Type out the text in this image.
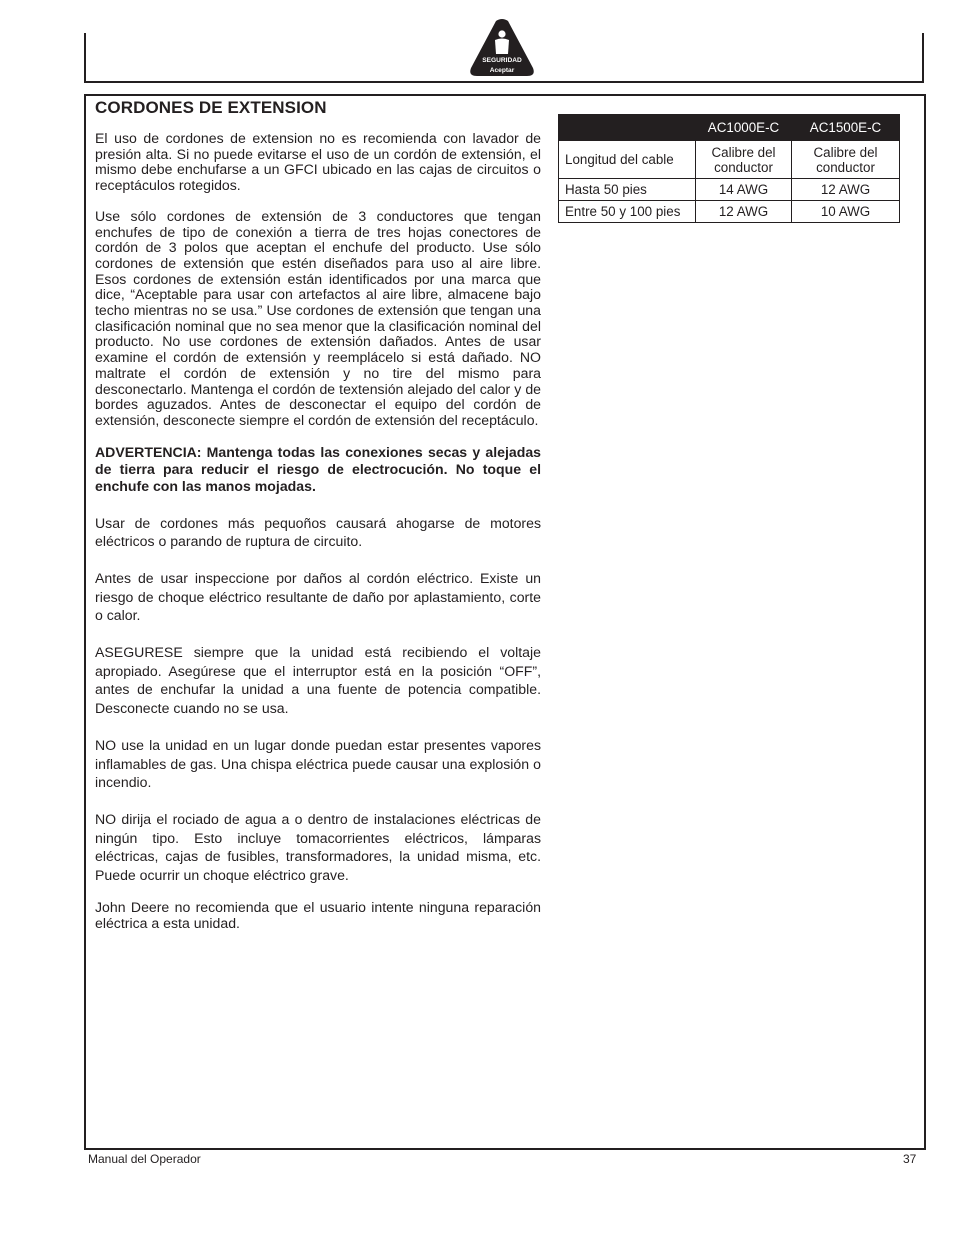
SEGURIDAD
Aceptar
CORDONES DE EXTENSION

El uso de cordones de extension no es recomienda con lavador de presión alta. Si no puede evitarse el uso de un cordón de extensión, el mismo debe enchufarse a un GFCI ubicado en las cajas de circuitos o receptáculos rotegidos.

Use sólo cordones de extensión de 3 conductores que tengan enchufes de tipo de conexión a tierra de tres hojas conectores de cordón de 3 polos que aceptan el enchufe del producto. Use sólo cordones de extensión que estén diseñados para uso al aire libre. Esos cordones de extensión están identificados por una marca que dice, “Aceptable para usar con artefactos al aire libre, almacene bajo techo mientras no se usa.” Use cordones de extensión que tengan una clasificación nominal que no sea menor que la clasificación nominal del producto. No use cordones de extensión dañados. Antes de usar examine el cordón de extensión y reemplácelo si está dañado. NO maltrate el cordón de extensión y no tire del mismo para desconectarlo. Mantenga el cordón de textensión alejado del calor y de bordes aguzados. Antes de desconectar el equipo del cordón de extensión, desconecte siempre el cordón de extensión del receptáculo.

ADVERTENCIA: Mantenga todas las conexiones secas y alejadas de tierra para reducir el riesgo de electrocución. No toque el enchufe con las manos mojadas.

Usar de cordones más pequoños causará ahogarse de motores eléctricos o parando de ruptura de circuito.

Antes de usar inspeccione por daños al cordón eléctrico. Existe un riesgo de choque eléctrico resultante de daño por aplastamiento, corte o calor.

ASEGURESE siempre que la unidad está recibiendo el voltaje apropiado. Asegúrese que el interruptor está en la posición “OFF”, antes de enchufar la unidad a una fuente de potencia compatible. Desconecte cuando no se usa.

NO use la unidad en un lugar donde puedan estar presentes vapores inflamables de gas. Una chispa eléctrica puede causar una explosión o incendio.

NO dirija el rociado de agua a o dentro de instalaciones eléctricas de ningún tipo. Esto incluye tomacorrientes eléctricos, lámparas eléctricas, cajas de fusibles, transformadores, la unidad misma, etc. Puede ocurrir un choque eléctrico grave.

John Deere no recomienda que el usuario intente ninguna reparación eléctrica a esta unidad.

	AC1000E-C	AC1500E-C
Longitud del cable	Calibre del conductor	Calibre del conductor
Hasta 50 pies	14 AWG	12 AWG
Entre 50 y 100 pies	12 AWG	10 AWG
Manual del Operador	37
